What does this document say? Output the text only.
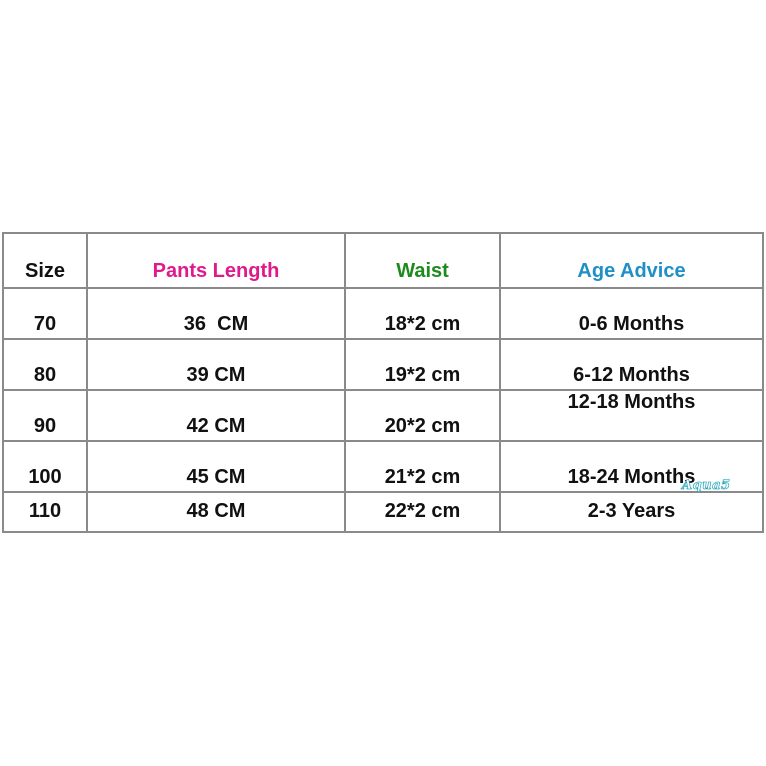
Size	Pants Length	Waist	Age Advice
70	36  CM	18*2 cm	0-6 Months
80	39 CM	19*2 cm	6-12 Months
90	42 CM	20*2 cm	12-18 Months
100	45 CM	21*2 cm	18-24 Months
110	48 CM	22*2 cm	2-3 Years
Aqua5
